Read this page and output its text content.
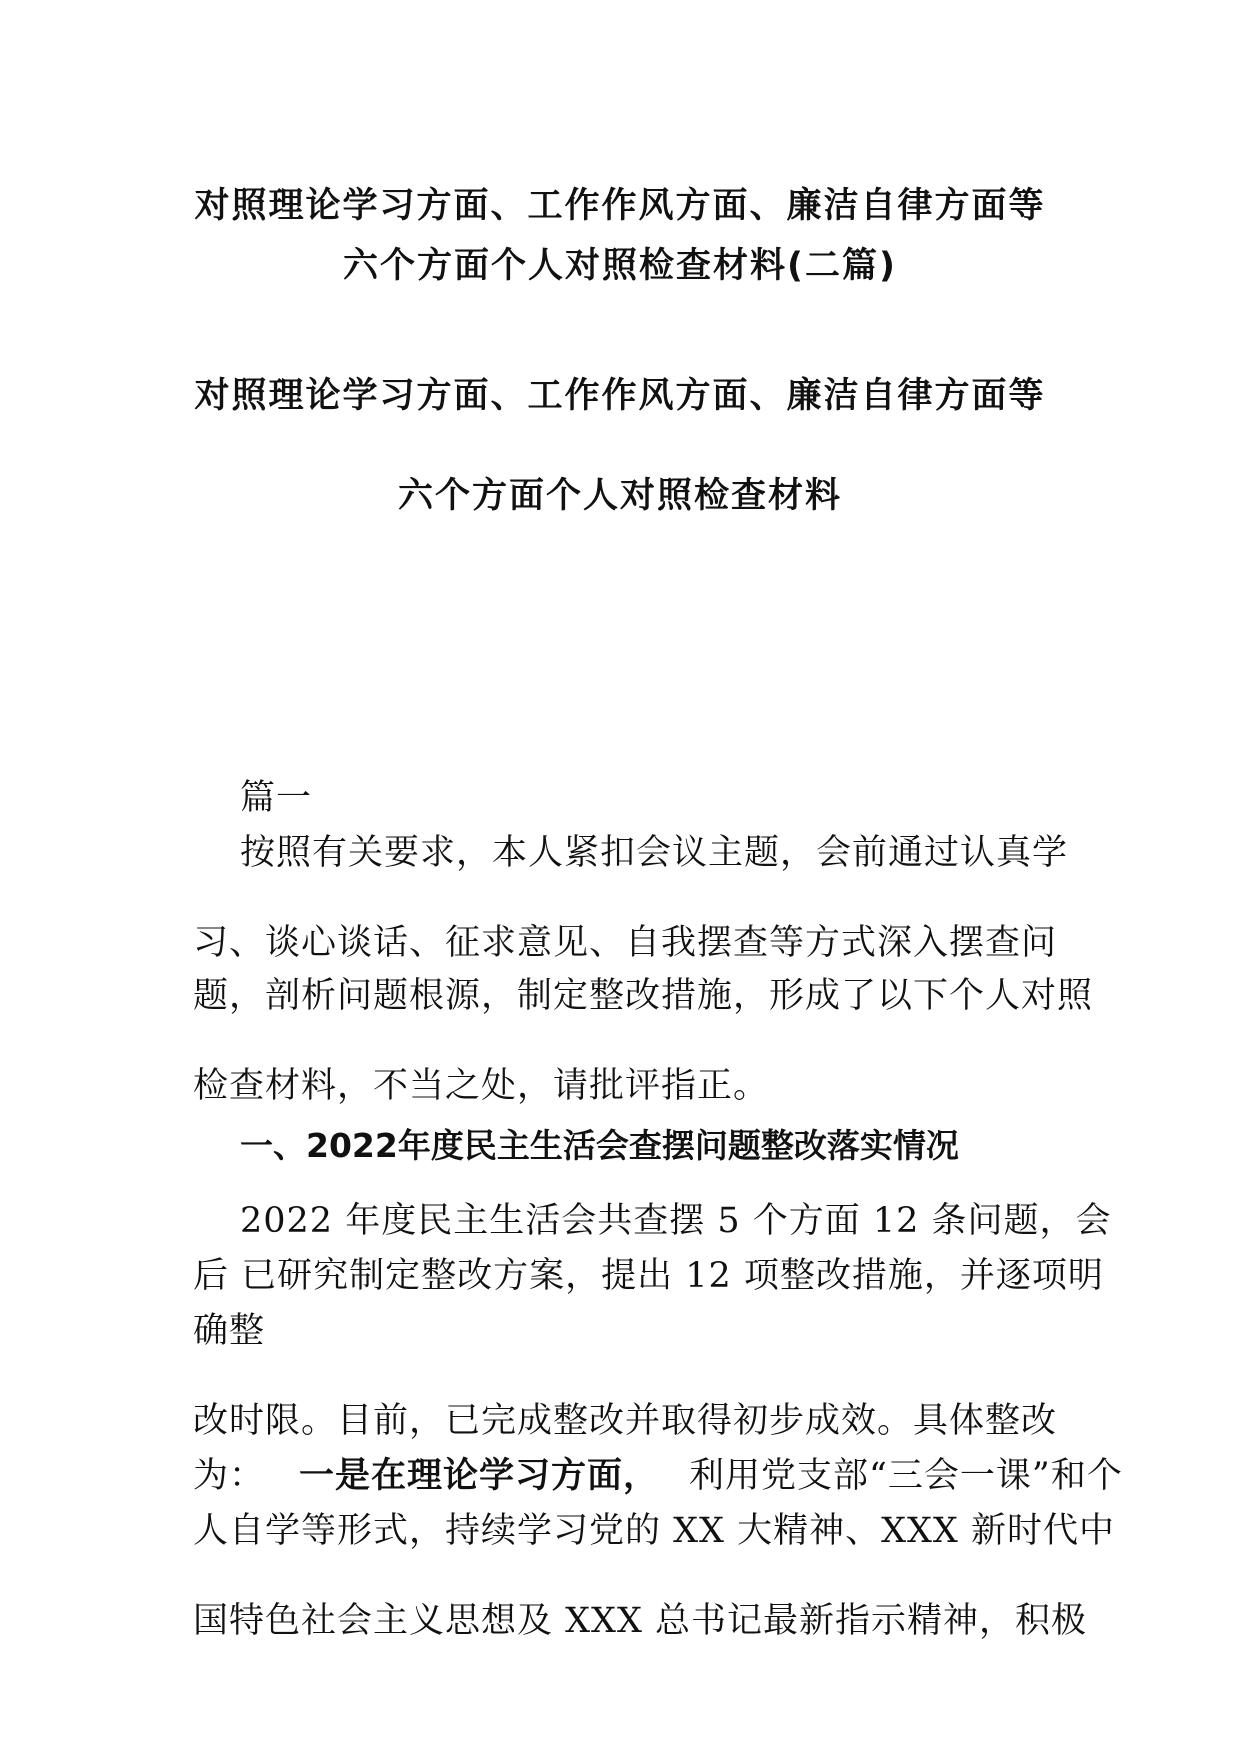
对照理论学习方面、工作作风方面、廉洁自律方面等

六个方面个人对照检查材料(二篇)

对照理论学习方面、工作作风方面、廉洁自律方面等

六个方面个人对照检查材料

篇一

按照有关要求，本人紧扣会议主题，会前通过认真学

习、谈心谈话、征求意见、自我摆查等方式深入摆查问

题，剖析问题根源，制定整改措施，形成了以下个人对照

检查材料，不当之处，请批评指正。

一、2022年度民主生活会查摆问题整改落实情况

2022 年度民主生活会共查摆 5 个方面 12 条问题，会

后 已研究制定整改方案，提出 12 项整改措施，并逐项明

确整

改时限。目前，已完成整改并取得初步成效。具体整改

为： 一是在理论学习方面， 利用党支部“三会一课”和个

人自学等形式，持续学习党的 XX 大精神、XXX 新时代中

国特色社会主义思想及 XXX 总书记最新指示精神，积极
